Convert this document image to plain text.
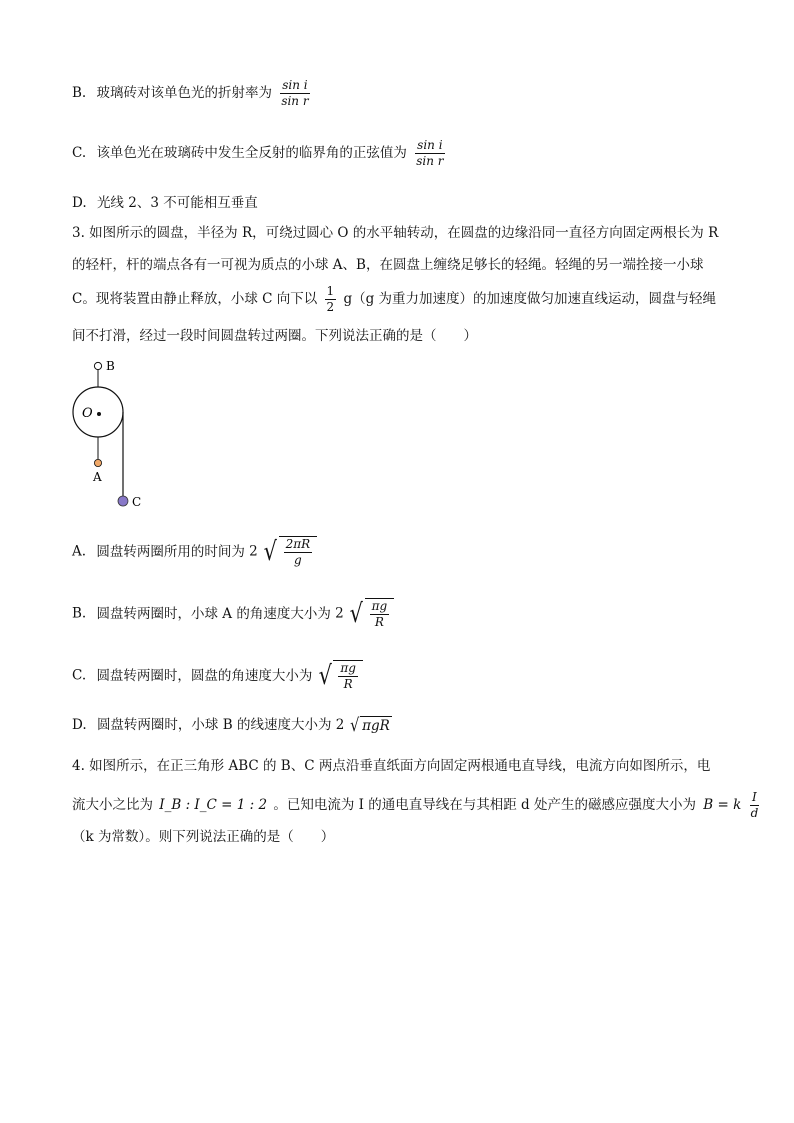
B. 玻璃砖对该单色光的折射率为 $\frac{\text{sin i}}{\text{sin r}}$
C. 该单色光在玻璃砖中发生全反射的临界角的正弦值为 $\frac{\text{sin i}}{\text{sin r}}$
D. 光线 2、3 不可能相互垂直
3. 如图所示的圆盘，半径为 R，可绕过圆心 O 的水平轴转动，在圆盘的边缘沿同一直径方向固定两根长为 R
的轻杆，杆的端点各有一可视为质点的小球 A、B，在圆盘上缠绕足够长的轻绳。轻绳的另一端拴接一小球
C。现将装置由静止释放，小球 C 向下以 $\frac{1}{2} g(g$ 为重力加速度）的加速度做匀加速直线运动，圆盘与轻绳
间不打滑，经过一段时间圆盘转过两圈。下列说法正确的是（　　）
B
O
A
C
A. 圆盘转两圈所用的时间为 2 √ $\frac{2\pi R}{g}$
B. 圆盘转两圈时，小球 A 的角速度大小为 2 √ $\frac{\pi g}{R}$
C. 圆盘转两圈时，圆盘的角速度大小为 √ $\frac{\pi g}{R}$
D. 圆盘转两圈时，小球 B 的线速度大小为 2 √ πgR
4. 如图所示，在正三角形 ABC 的 B、C 两点沿垂直纸面方向固定两根通电直导线，电流方向如图所示，电
流大小之比为 I_B : I_C = 1 : 2 。已知电流为 I 的通电直导线在与其相距 d 处产生的磁感应强度大小为 B = k $\frac{I}{d}$
（k 为常数）。则下列说法正确的是（　　）
